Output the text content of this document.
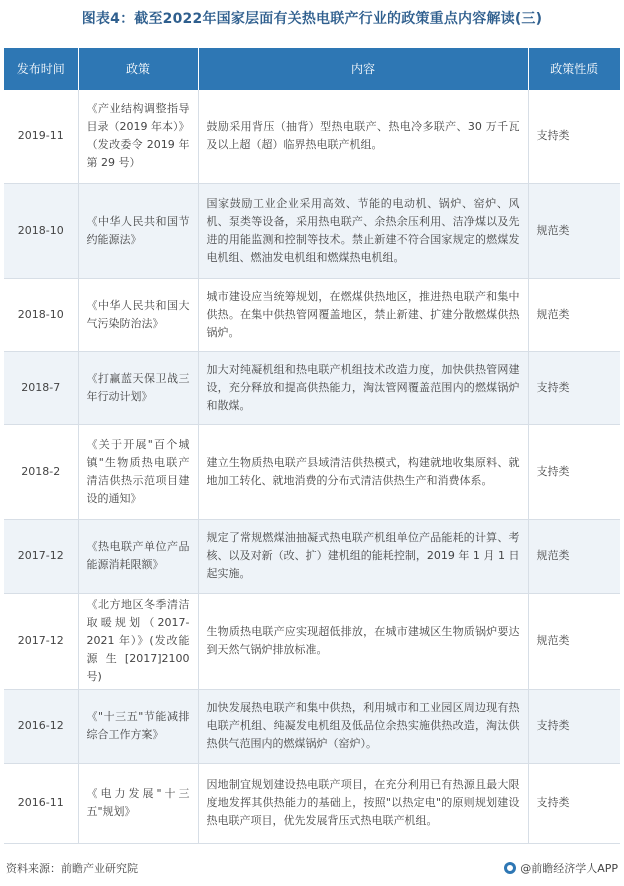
图表4：截至2022年国家层面有关热电联产行业的政策重点内容解读(三)
发布时间	政策	内容	政策性质
2019-11	《产业结构调整指导目录（2019 年本）》（发改委令 2019 年第 29 号）	鼓励采用背压（抽背）型热电联产、热电冷多联产、30 万千瓦及以上超（超）临界热电联产机组。	支持类
2018-10	《中华人民共和国节约能源法》	国家鼓励工业企业采用高效、节能的电动机、锅炉、窑炉、风机、泵类等设备，采用热电联产、余热余压利用、洁净煤以及先进的用能监测和控制等技术。禁止新建不符合国家规定的燃煤发电机组、燃油发电机组和燃煤热电机组。	规范类
2018-10	《中华人民共和国大气污染防治法》	城市建设应当统筹规划，在燃煤供热地区，推进热电联产和集中供热。在集中供热管网覆盖地区，禁止新建、扩建分散燃煤供热锅炉。	规范类
2018-7	《打赢蓝天保卫战三年行动计划》	加大对纯凝机组和热电联产机组技术改造力度，加快供热管网建设，充分释放和提高供热能力，淘汰管网覆盖范围内的燃煤锅炉和散煤。	支持类
2018-2	《关于开展"百个城镇"生物质热电联产清洁供热示范项目建设的通知》	建立生物质热电联产县域清洁供热模式，构建就地收集原料、就地加工转化、就地消费的分布式清洁供热生产和消费体系。	支持类
2017-12	《热电联产单位产品能源消耗限额》	规定了常规燃煤油抽凝式热电联产机组单位产品能耗的计算、考核、以及对新（改、扩）建机组的能耗控制，2019 年 1 月 1 日起实施。	规范类
2017-12	《北方地区冬季清洁取暖规划（2017-2021 年）》(发改能源生[2017]2100 号)	生物质热电联产应实现超低排放，在城市建城区生物质锅炉要达到天然气锅炉排放标准。	规范类
2016-12	《"十三五"节能减排综合工作方案》	加快发展热电联产和集中供热，利用城市和工业园区周边现有热电联产机组、纯凝发电机组及低品位余热实施供热改造，淘汰供热供气范围内的燃煤锅炉（窑炉）。	支持类
2016-11	《电力发展"十三五"规划》	因地制宜规划建设热电联产项目，在充分利用已有热源且最大限度地发挥其供热能力的基础上，按照"以热定电"的原则规划建设热电联产项目，优先发展背压式热电联产机组。	支持类
资料来源：前瞻产业研究院	@前瞻经济学人APP
